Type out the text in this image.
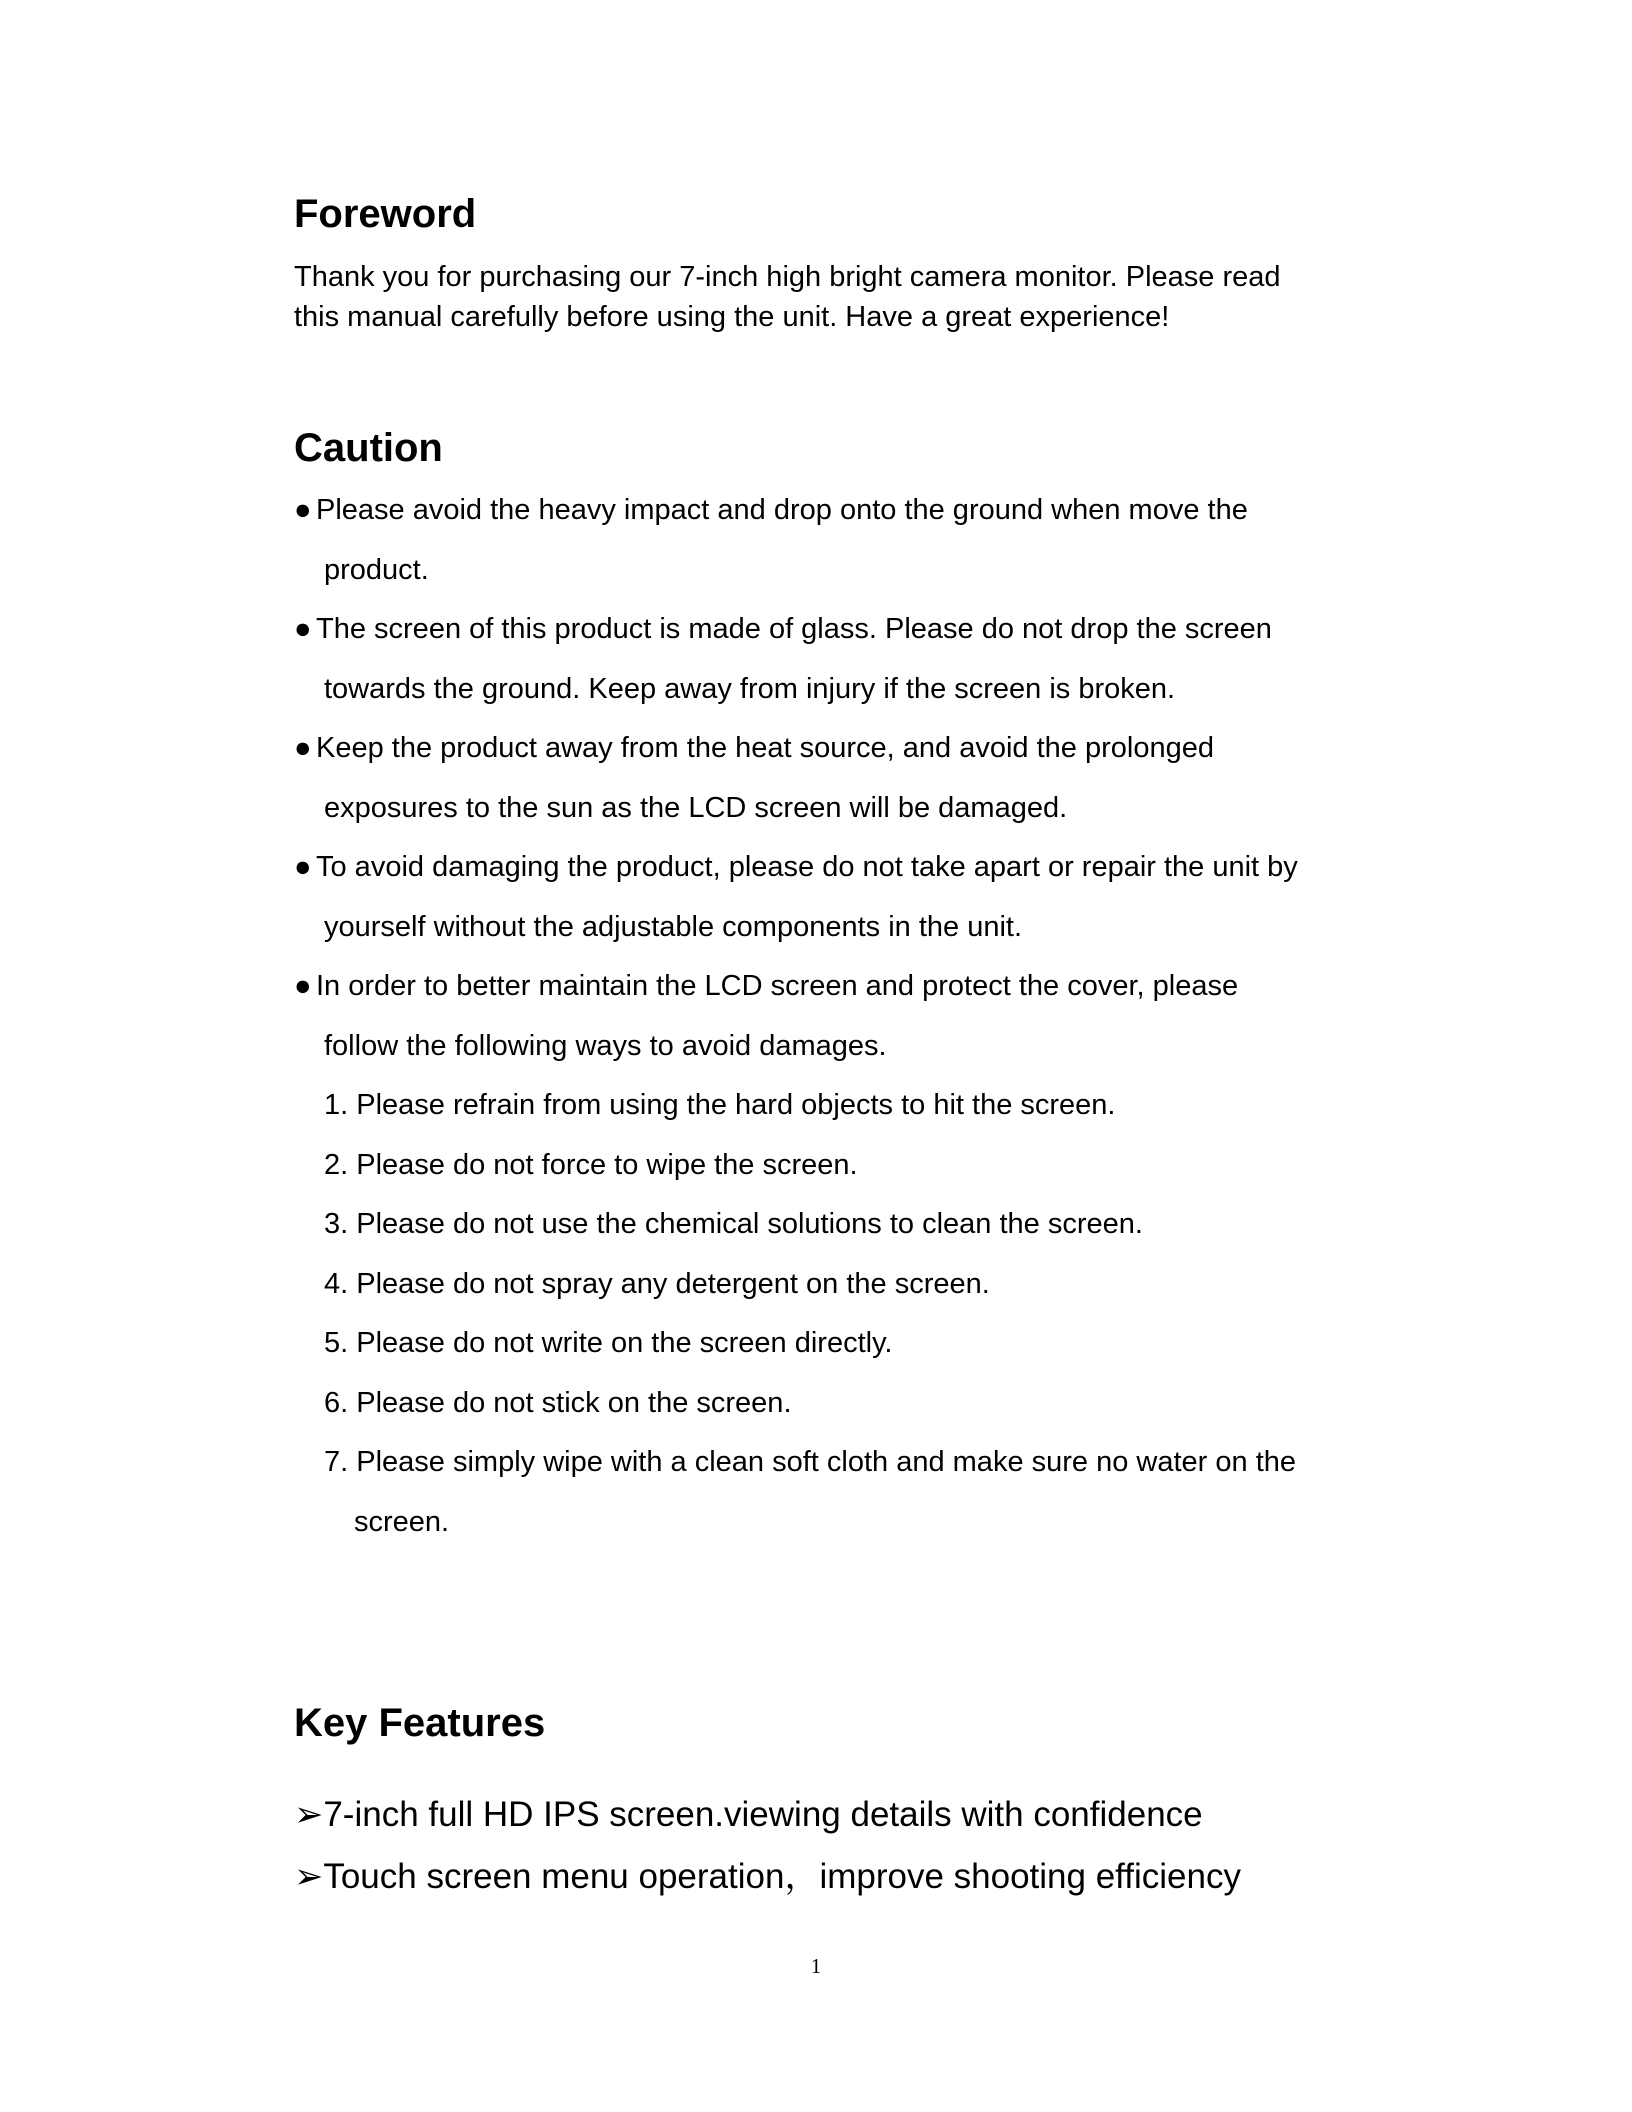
Foreword
Thank you for purchasing our 7-inch high bright camera monitor. Please read
this manual carefully before using the unit. Have a great experience!
Caution
● Please avoid the heavy impact and drop onto the ground when move the
product.
● The screen of this product is made of glass. Please do not drop the screen
towards the ground. Keep away from injury if the screen is broken.
● Keep the product away from the heat source, and avoid the prolonged
exposures to the sun as the LCD screen will be damaged.
● To avoid damaging the product, please do not take apart or repair the unit by
yourself without the adjustable components in the unit.
● In order to better maintain the LCD screen and protect the cover, please
follow the following ways to avoid damages.
1. Please refrain from using the hard objects to hit the screen.
2. Please do not force to wipe the screen.
3. Please do not use the chemical solutions to clean the screen.
4. Please do not spray any detergent on the screen.
5. Please do not write on the screen directly.
6. Please do not stick on the screen.
7. Please simply wipe with a clean soft cloth and make sure no water on the
screen.
Key Features
➢7-inch full HD IPS screen.viewing details with confidence
➢Touch screen menu operation，improve shooting efficiency
1
